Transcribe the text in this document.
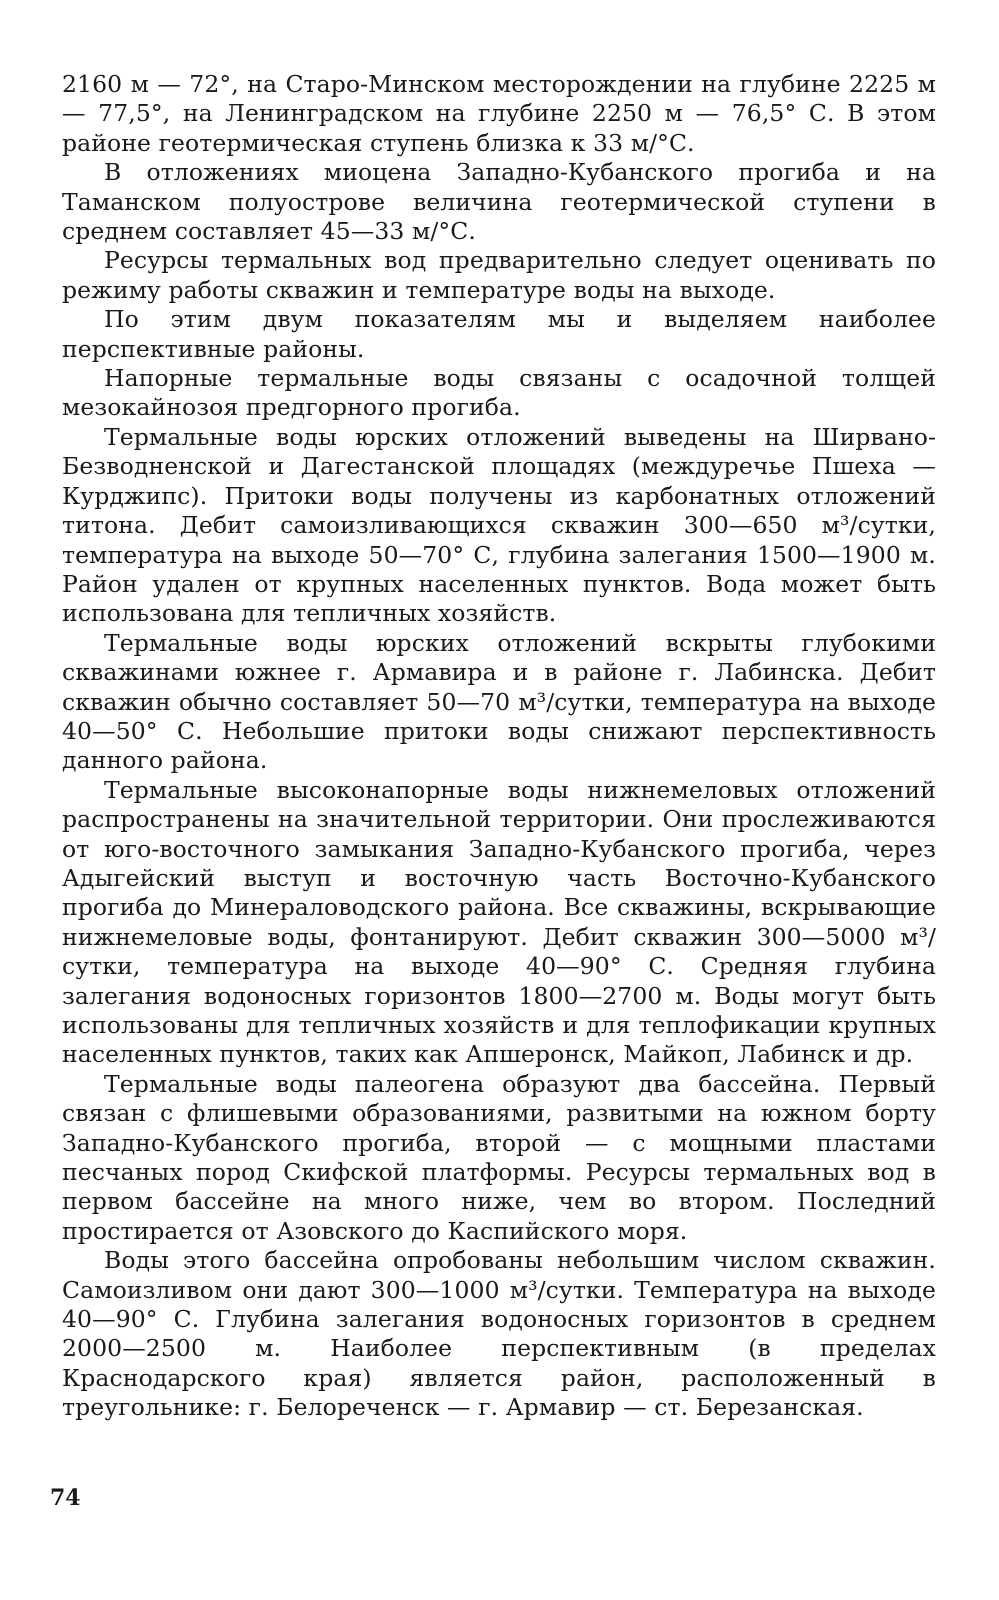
2160 м — 72°, на Старо-Минском месторождении на глубине 2225 м — 77,5°, на Ленинградском на глубине 2250 м — 76,5° С. В этом районе геотермическая ступень близка к 33 м/°С.

В отложениях миоцена Западно-Кубанского прогиба и на Таманском полуострове величина геотермической ступени в среднем составляет 45—33 м/°С.

Ресурсы термальных вод предварительно следует оценивать по режиму работы скважин и температуре воды на выходе.

По этим двум показателям мы и выделяем наиболее перспективные районы.

Напорные термальные воды связаны с осадочной толщей мезокайнозоя предгорного прогиба.

Термальные воды юрских отложений выведены на Ширвано-Безводненской и Дагестанской площадях (междуречье Пшеха — Курджипс). Притоки воды получены из карбонатных отложений титона. Дебит самоизливающихся скважин 300—650 м³/сутки, температура на выходе 50—70° С, глубина залегания 1500—1900 м. Район удален от крупных населенных пунктов. Вода может быть использована для тепличных хозяйств.

Термальные воды юрских отложений вскрыты глубокими скважинами южнее г. Армавира и в районе г. Лабинска. Дебит скважин обычно составляет 50—70 м³/сутки, температура на выходе 40—50° С. Небольшие притоки воды снижают перспективность данного района.

Термальные высоконапорные воды нижнемеловых отложений распространены на значительной территории. Они прослеживаются от юго-восточного замыкания Западно-Кубанского прогиба, через Адыгейский выступ и восточную часть Восточно-Кубанского прогиба до Минераловодского района. Все скважины, вскрывающие нижнемеловые воды, фонтанируют. Дебит скважин 300—5000 м³/сутки, температура на выходе 40—90° С. Средняя глубина залегания водоносных горизонтов 1800—2700 м. Воды могут быть использованы для тепличных хозяйств и для теплофикации крупных населенных пунктов, таких как Апшеронск, Майкоп, Лабинск и др.

Термальные воды палеогена образуют два бассейна. Первый связан с флишевыми образованиями, развитыми на южном борту Западно-Кубанского прогиба, второй — с мощными пластами песчаных пород Скифской платформы. Ресурсы термальных вод в первом бассейне на много ниже, чем во втором. Последний простирается от Азовского до Каспийского моря.

Воды этого бассейна опробованы небольшим числом скважин. Самоизливом они дают 300—1000 м³/сутки. Температура на выходе 40—90° С. Глубина залегания водоносных горизонтов в среднем 2000—2500 м. Наиболее перспективным (в пределах Краснодарского края) является район, расположенный в треугольнике: г. Белореченск — г. Армавир — ст. Березанская.

74
